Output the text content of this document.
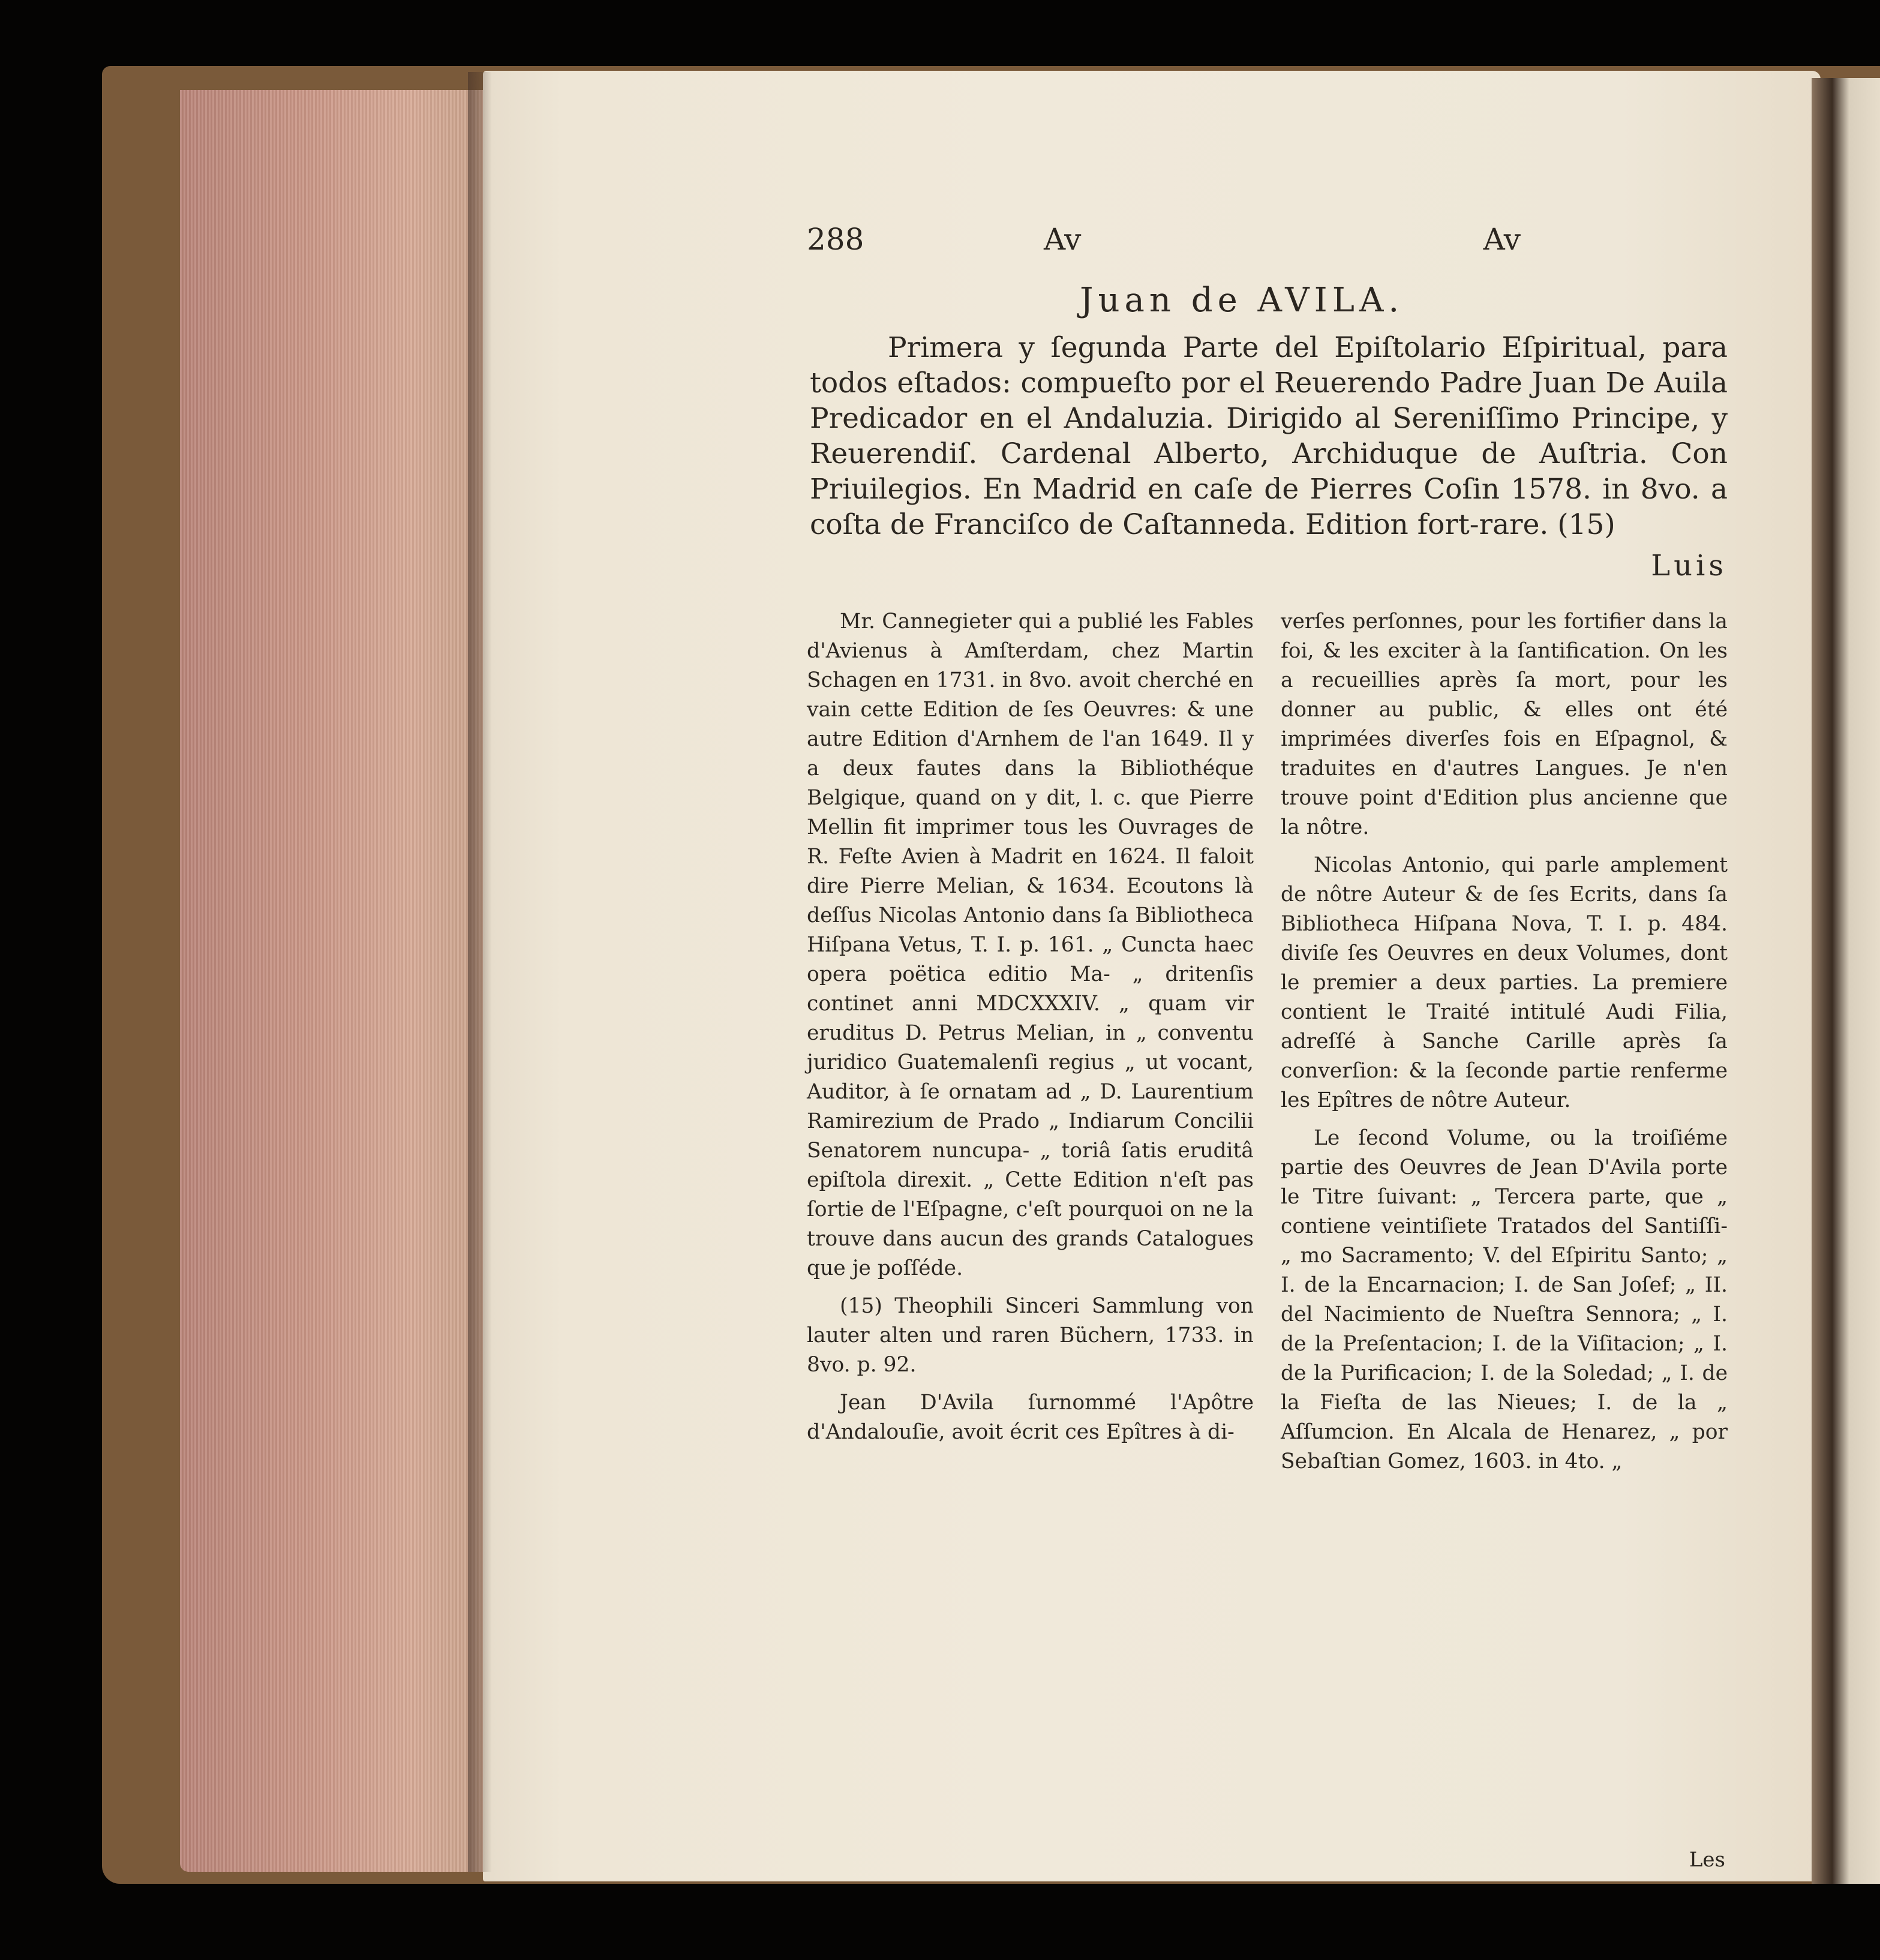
288	Av	Av
Juan de AVILA.
Primera y ſegunda Parte del Epiſtolario Eſpiritual, para todos eſtados: compueſto por el Reuerendo Padre Juan De Auila Predicador en el Andaluzia. Dirigido al Sereniſſimo Principe, y Reuerendiſ. Cardenal Alberto, Archiduque de Auſtria. Con Priuilegios. En Madrid en caſe de Pierres Coſin 1578. in 8vo. a coſta de Franciſco de Caſtanneda. Edition fort-rare. (15)
Luis

Mr. Cannegieter qui a publié les Fables d'Avienus à Amſterdam, chez Martin Schagen en 1731. in 8vo. avoit cherché en vain cette Edition de ſes Oeuvres: & une autre Edition d'Arnhem de l'an 1649. Il y a deux fautes dans la Bibliothéque Belgique, quand on y dit, l. c. que Pierre Mellin fit imprimer tous les Ouvrages de R. Feſte Avien à Madrit en 1624. Il faloit dire Pierre Melian, & 1634. Ecoutons là deſſus Nicolas Antonio dans ſa Bibliotheca Hiſpana Vetus, T. I. p. 161. „ Cuncta haec opera poëtica editio Ma- „ dritenſis continet anni MDCXXXIV. „ quam vir eruditus D. Petrus Melian, in „ conventu juridico Guatemalenſi regius „ ut vocant, Auditor, à ſe ornatam ad „ D. Laurentium Ramirezium de Prado „ Indiarum Concilii Senatorem nuncupa- „ toriâ ſatis eruditâ epiſtola direxit. „ Cette Edition n'eſt pas ſortie de l'Eſpagne, c'eſt pourquoi on ne la trouve dans aucun des grands Catalogues que je poſſéde.

(15) Theophili Sinceri Sammlung von lauter alten und raren Büchern, 1733. in 8vo. p. 92.

Jean D'Avila ſurnommé l'Apôtre d'Andalouſie, avoit écrit ces Epîtres à di-

verſes perſonnes, pour les fortifier dans la foi, & les exciter à la ſantification. On les a recueillies après ſa mort, pour les donner au public, & elles ont été imprimées diverſes fois en Eſpagnol, & traduites en d'autres Langues. Je n'en trouve point d'Edition plus ancienne que la nôtre.

Nicolas Antonio, qui parle amplement de nôtre Auteur & de ſes Ecrits, dans ſa Bibliotheca Hiſpana Nova, T. I. p. 484. diviſe ſes Oeuvres en deux Volumes, dont le premier a deux parties. La premiere contient le Traité intitulé Audi Filia, adreſſé à Sanche Carille après ſa converſion: & la ſeconde partie renferme les Epîtres de nôtre Auteur.

Le ſecond Volume, ou la troiſiéme partie des Oeuvres de Jean D'Avila porte le Titre ſuivant: „ Tercera parte, que „ contiene veintiſiete Tratados del Santiſſi- „ mo Sacramento; V. del Eſpiritu Santo; „ I. de la Encarnacion; I. de San Joſef; „ II. del Nacimiento de Nueſtra Sennora; „ I. de la Preſentacion; I. de la Viſitacion; „ I. de la Purificacion; I. de la Soledad; „ I. de la Fieſta de las Nieues; I. de la „ Aſſumcion. En Alcala de Henarez, „ por Sebaſtian Gomez, 1603. in 4to. „

Les
